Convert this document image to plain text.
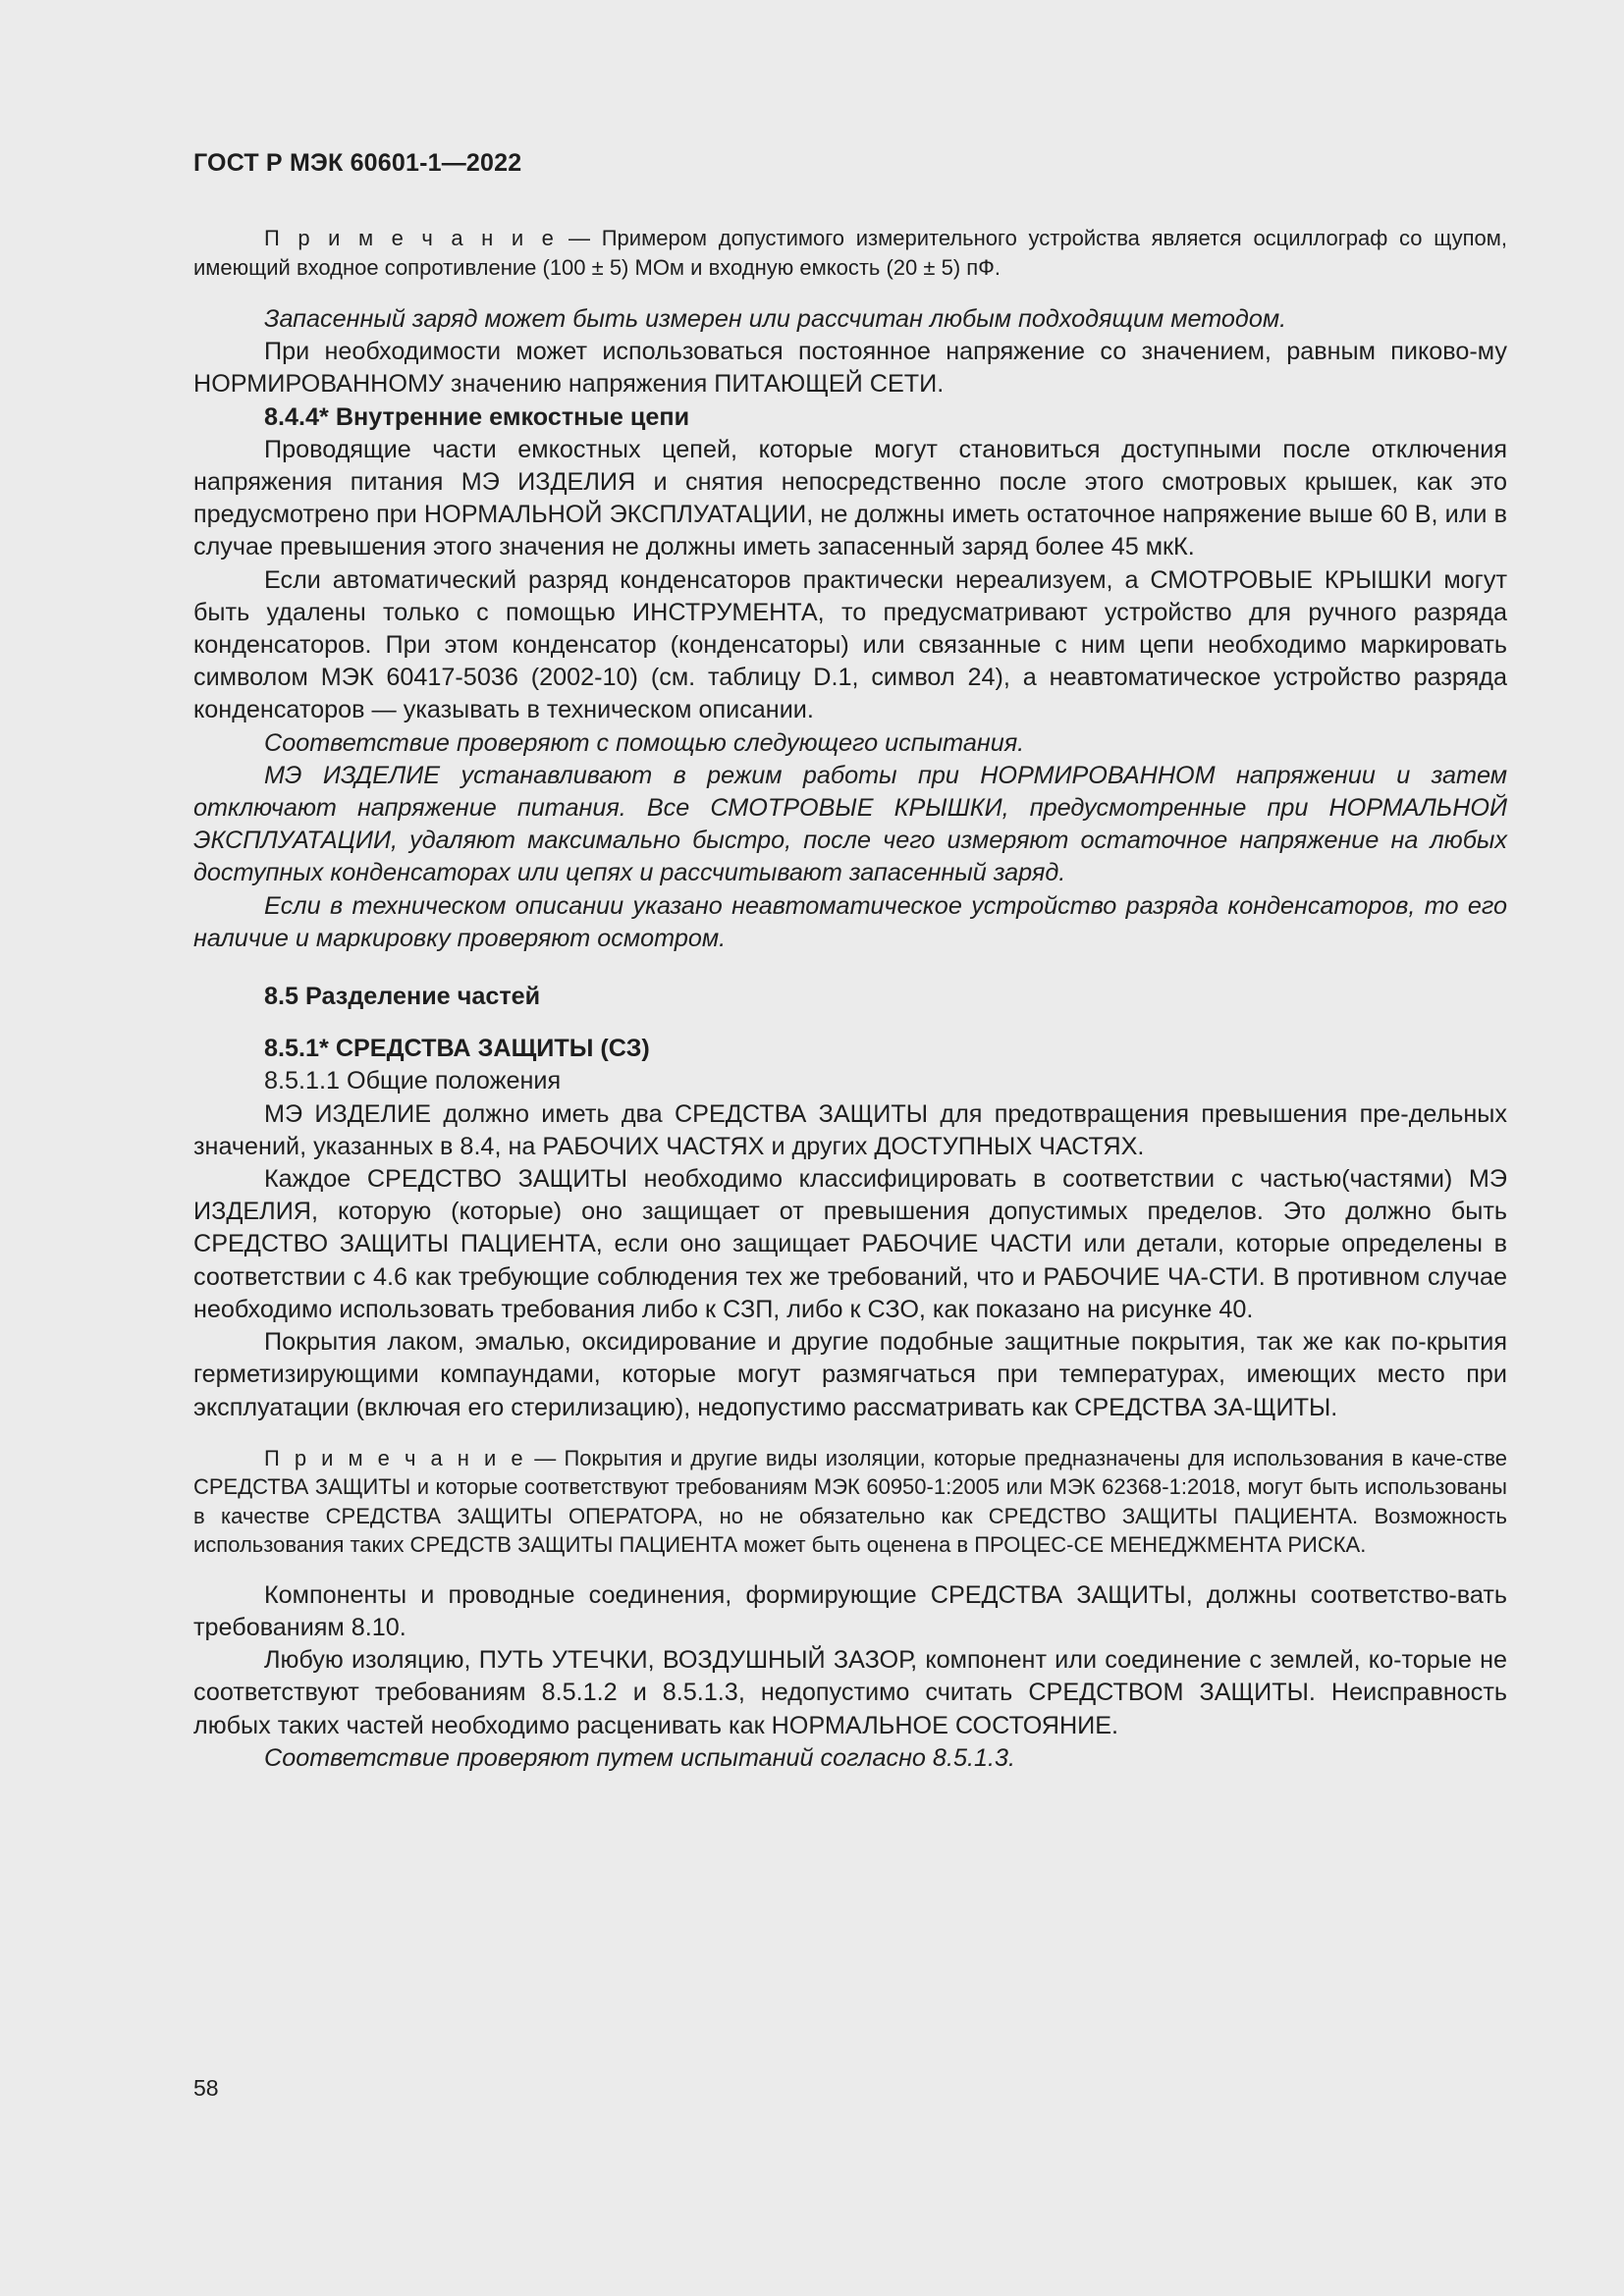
ГОСТ Р МЭК 60601-1—2022

П р и м е ч а н и е — Примером допустимого измерительного устройства является осциллограф со щупом, имеющий входное сопротивление (100 ± 5) МОм и входную емкость (20 ± 5) пФ.

Запасенный заряд может быть измерен или рассчитан любым подходящим методом.

При необходимости может использоваться постоянное напряжение со значением, равным пиково-му НОРМИРОВАННОМУ значению напряжения ПИТАЮЩЕЙ СЕТИ.

8.4.4* Внутренние емкостные цепи

Проводящие части емкостных цепей, которые могут становиться доступными после отключения напряжения питания МЭ ИЗДЕЛИЯ и снятия непосредственно после этого смотровых крышек, как это предусмотрено при НОРМАЛЬНОЙ ЭКСПЛУАТАЦИИ, не должны иметь остаточное напряжение выше 60 В, или в случае превышения этого значения не должны иметь запасенный заряд более 45 мкК.

Если автоматический разряд конденсаторов практически нереализуем, а СМОТРОВЫЕ КРЫШКИ могут быть удалены только с помощью ИНСТРУМЕНТА, то предусматривают устройство для ручного разряда конденсаторов. При этом конденсатор (конденсаторы) или связанные с ним цепи необходимо маркировать символом МЭК 60417-5036 (2002-10) (см. таблицу D.1, символ 24), а неавтоматическое устройство разряда конденсаторов — указывать в техническом описании.

Соответствие проверяют с помощью следующего испытания.

МЭ ИЗДЕЛИЕ устанавливают в режим работы при НОРМИРОВАННОМ напряжении и затем отключают напряжение питания. Все СМОТРОВЫЕ КРЫШКИ, предусмотренные при НОРМАЛЬНОЙ ЭКСПЛУАТАЦИИ, удаляют максимально быстро, после чего измеряют остаточное напряжение на любых доступных конденсаторах или цепях и рассчитывают запасенный заряд.

Если в техническом описании указано неавтоматическое устройство разряда конденсаторов, то его наличие и маркировку проверяют осмотром.

8.5 Разделение частей

8.5.1* СРЕДСТВА ЗАЩИТЫ (СЗ)

8.5.1.1 Общие положения

МЭ ИЗДЕЛИЕ должно иметь два СРЕДСТВА ЗАЩИТЫ для предотвращения превышения пре-дельных значений, указанных в 8.4, на РАБОЧИХ ЧАСТЯХ и других ДОСТУПНЫХ ЧАСТЯХ.

Каждое СРЕДСТВО ЗАЩИТЫ необходимо классифицировать в соответствии с частью(частями) МЭ ИЗДЕЛИЯ, которую (которые) оно защищает от превышения допустимых пределов. Это должно быть СРЕДСТВО ЗАЩИТЫ ПАЦИЕНТА, если оно защищает РАБОЧИЕ ЧАСТИ или детали, которые определены в соответствии с 4.6 как требующие соблюдения тех же требований, что и РАБОЧИЕ ЧА-СТИ. В противном случае необходимо использовать требования либо к СЗП, либо к СЗО, как показано на рисунке 40.

Покрытия лаком, эмалью, оксидирование и другие подобные защитные покрытия, так же как по-крытия герметизирующими компаундами, которые могут размягчаться при температурах, имеющих место при эксплуатации (включая его стерилизацию), недопустимо рассматривать как СРЕДСТВА ЗА-ЩИТЫ.

П р и м е ч а н и е — Покрытия и другие виды изоляции, которые предназначены для использования в каче-стве СРЕДСТВА ЗАЩИТЫ и которые соответствуют требованиям МЭК 60950-1:2005 или МЭК 62368-1:2018, могут быть использованы в качестве СРЕДСТВА ЗАЩИТЫ ОПЕРАТОРА, но не обязательно как СРЕДСТВО ЗАЩИТЫ ПАЦИЕНТА. Возможность использования таких СРЕДСТВ ЗАЩИТЫ ПАЦИЕНТА может быть оценена в ПРОЦЕС-СЕ МЕНЕДЖМЕНТА РИСКА.

Компоненты и проводные соединения, формирующие СРЕДСТВА ЗАЩИТЫ, должны соответство-вать требованиям 8.10.

Любую изоляцию, ПУТЬ УТЕЧКИ, ВОЗДУШНЫЙ ЗАЗОР, компонент или соединение с землей, ко-торые не соответствуют требованиям 8.5.1.2 и 8.5.1.3, недопустимо считать СРЕДСТВОМ ЗАЩИТЫ. Неисправность любых таких частей необходимо расценивать как НОРМАЛЬНОЕ СОСТОЯНИЕ.

Соответствие проверяют путем испытаний согласно 8.5.1.3.

58
